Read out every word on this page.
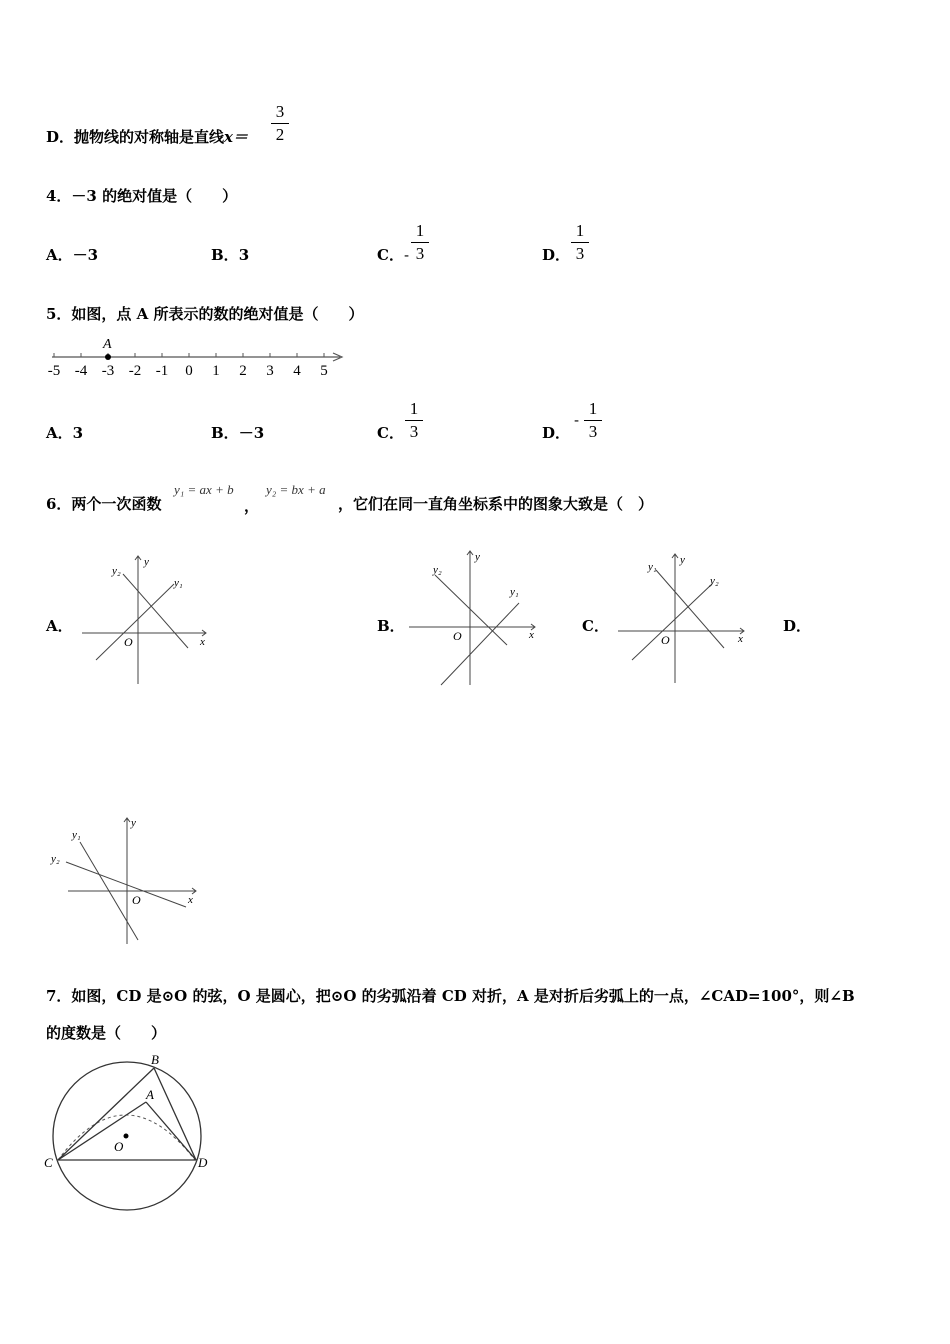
D．抛物线的对称轴是直线x＝
3
2
4．－3 的绝对值是（　　）
A．－3	B．3	C．-
1
3	D．
1
3
5．如图，点 A 所表示的数的绝对值是（　　）
-5 -4 -3 -2 -1 0 1 2 3 4 5
A
A．3	B．－3	C．
1
3	D．
-
1
3
6．两个一次函数
y₁ = ax + b
，
y₂ = bx + a
，它们在同一直角坐标系中的图象大致是（　）
A．
x
y
O
y₁
y₂
B．	x
y
O
y₁
y₂
C．
x
y
O
y₁
y₂
D．
x
y
O
y₁
y₂
7．如图，CD 是⊙O 的弦，O 是圆心，把⊙O 的劣弧沿着 CD 对折，A 是对折后劣弧上的一点，∠CAD=100°，则∠B
的度数是（　　）
B
A
O
C	D
